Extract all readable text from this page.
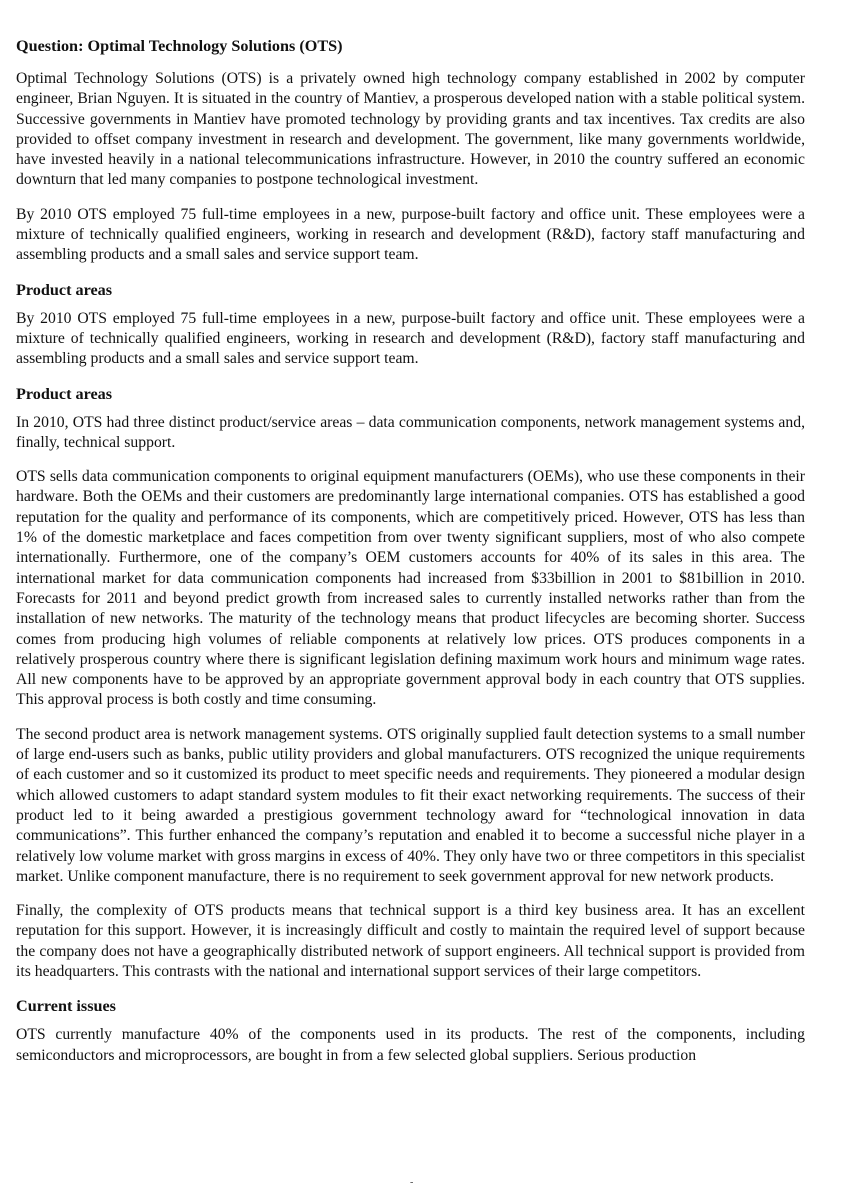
Question: Optimal Technology Solutions (OTS)

Optimal Technology Solutions (OTS) is a privately owned high technology company established in 2002 by computer engineer, Brian Nguyen. It is situated in the country of Mantiev, a prosperous developed nation with a stable political system. Successive governments in Mantiev have promoted technology by providing grants and tax incentives. Tax credits are also provided to offset company investment in research and development. The government, like many governments worldwide, have invested heavily in a national telecommunications infrastructure. However, in 2010 the country suffered an economic downturn that led many companies to postpone technological investment.

By 2010 OTS employed 75 full-time employees in a new, purpose-built factory and office unit. These employees were a mixture of technically qualified engineers, working in research and development (R&D), factory staff manufacturing and assembling products and a small sales and service support team.

Product areas

By 2010 OTS employed 75 full-time employees in a new, purpose-built factory and office unit. These employees were a mixture of technically qualified engineers, working in research and development (R&D), factory staff manufacturing and assembling products and a small sales and service support team.

Product areas

In 2010, OTS had three distinct product/service areas – data communication components, network management systems and, finally, technical support.

OTS sells data communication components to original equipment manufacturers (OEMs), who use these components in their hardware. Both the OEMs and their customers are predominantly large international companies. OTS has established a good reputation for the quality and performance of its components, which are competitively priced. However, OTS has less than 1% of the domestic marketplace and faces competition from over twenty significant suppliers, most of who also compete internationally. Furthermore, one of the company’s OEM customers accounts for 40% of its sales in this area. The international market for data communication components had increased from $33billion in 2001 to $81billion in 2010. Forecasts for 2011 and beyond predict growth from increased sales to currently installed networks rather than from the installation of new networks. The maturity of the technology means that product lifecycles are becoming shorter. Success comes from producing high volumes of reliable components at relatively low prices. OTS produces components in a relatively prosperous country where there is significant legislation defining maximum work hours and minimum wage rates. All new components have to be approved by an appropriate government approval body in each country that OTS supplies. This approval process is both costly and time consuming.

The second product area is network management systems. OTS originally supplied fault detection systems to a small number of large end-users such as banks, public utility providers and global manufacturers. OTS recognized the unique requirements of each customer and so it customized its product to meet specific needs and requirements. They pioneered a modular design which allowed customers to adapt standard system modules to fit their exact networking requirements. The success of their product led to it being awarded a prestigious government technology award for “technological innovation in data communications”. This further enhanced the company’s reputation and enabled it to become a successful niche player in a relatively low volume market with gross margins in excess of 40%. They only have two or three competitors in this specialist market. Unlike component manufacture, there is no requirement to seek government approval for new network products.

Finally, the complexity of OTS products means that technical support is a third key business area. It has an excellent reputation for this support. However, it is increasingly difficult and costly to maintain the required level of support because the company does not have a geographically distributed network of support engineers. All technical support is provided from its headquarters. This contrasts with the national and international support services of their large competitors.

Current issues

OTS currently manufacture 40% of the components used in its products. The rest of the components, including semiconductors and microprocessors, are bought in from a few selected global suppliers. Serious production

-
